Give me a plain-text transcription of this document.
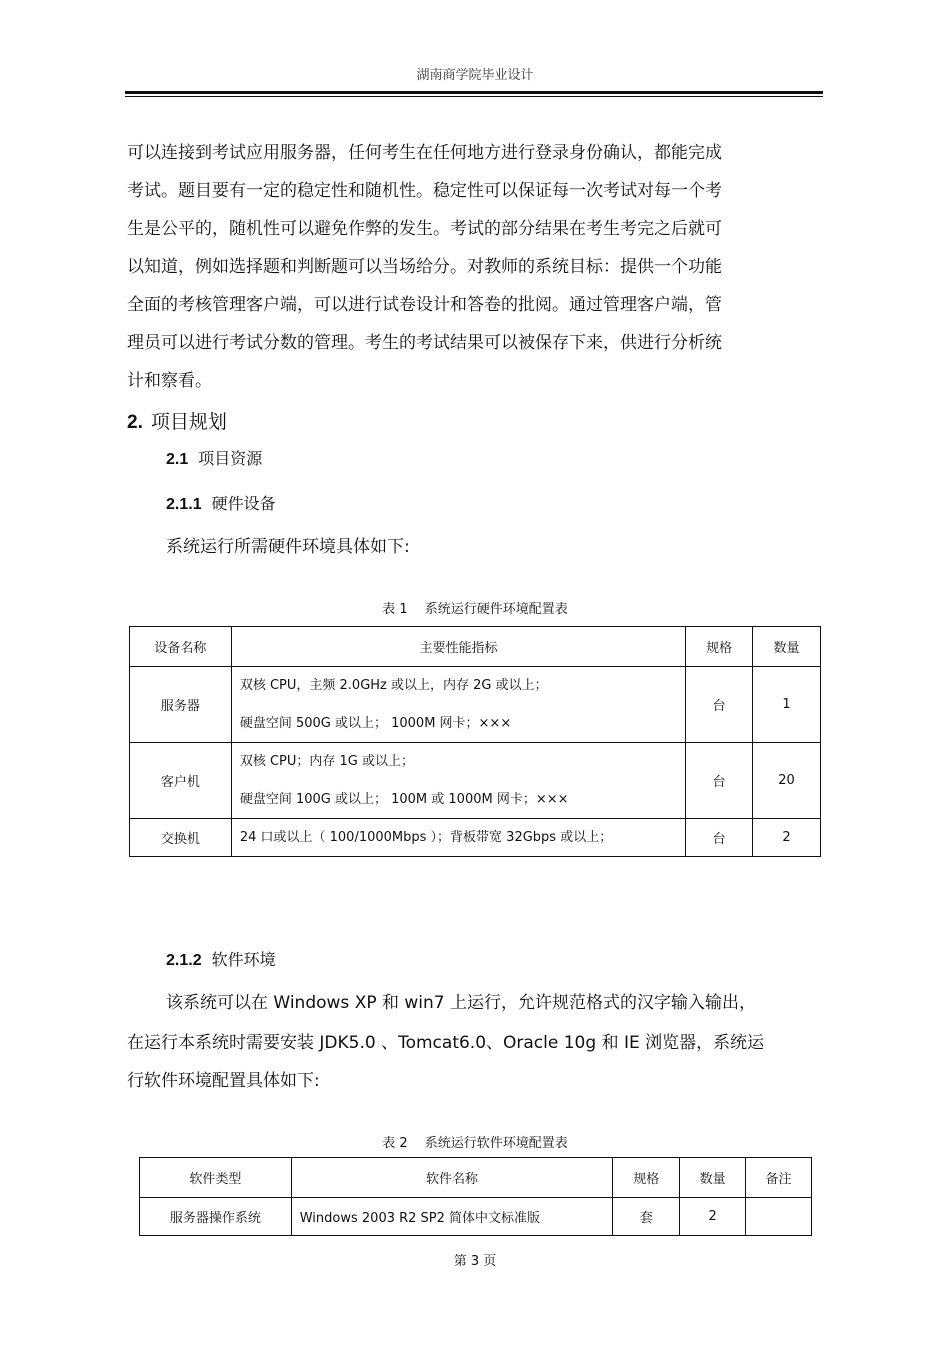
湖南商学院毕业设计
可以连接到考试应用服务器，任何考生在任何地方进行登录身份确认，都能完成
考试。题目要有一定的稳定性和随机性。稳定性可以保证每一次考试对每一个考
生是公平的，随机性可以避免作弊的发生。考试的部分结果在考生考完之后就可
以知道，例如选择题和判断题可以当场给分。对教师的系统目标：提供一个功能
全面的考核管理客户端，可以进行试卷设计和答卷的批阅。通过管理客户端，管
理员可以进行考试分数的管理。考生的考试结果可以被保存下来，供进行分析统
计和察看。
2. 项目规划
2.1 项目资源
2.1.1 硬件设备
系统运行所需硬件环境具体如下:
表 1　 系统运行硬件环境配置表
设备名称	主要性能指标	规格	数量
服务器	双核 CPU，主频 2.0GHz 或以上，内存 2G 或以上；
硬盘空间 500G 或以上； 1000M 网卡；×××	台	1
客户机	双核 CPU；内存 1G 或以上；
硬盘空间 100G 或以上； 100M 或 1000M 网卡；×××	台	20
交换机	24 口或以上（ 100/1000Mbps ）；背板带宽 32Gbps 或以上；	台	2
2.1.2 软件环境
该系统可以在 Windows XP 和 win7 上运行，允许规范格式的汉字输入输出，
在运行本系统时需要安装 JDK5.0 、Tomcat6.0、Oracle 10g 和 IE 浏览器，系统运
行软件环境配置具体如下:
表 2　 系统运行软件环境配置表
软件类型	软件名称	规格	数量	备注
服务器操作系统	Windows 2003 R2 SP2 简体中文标准版	套	2	
第 3 页
